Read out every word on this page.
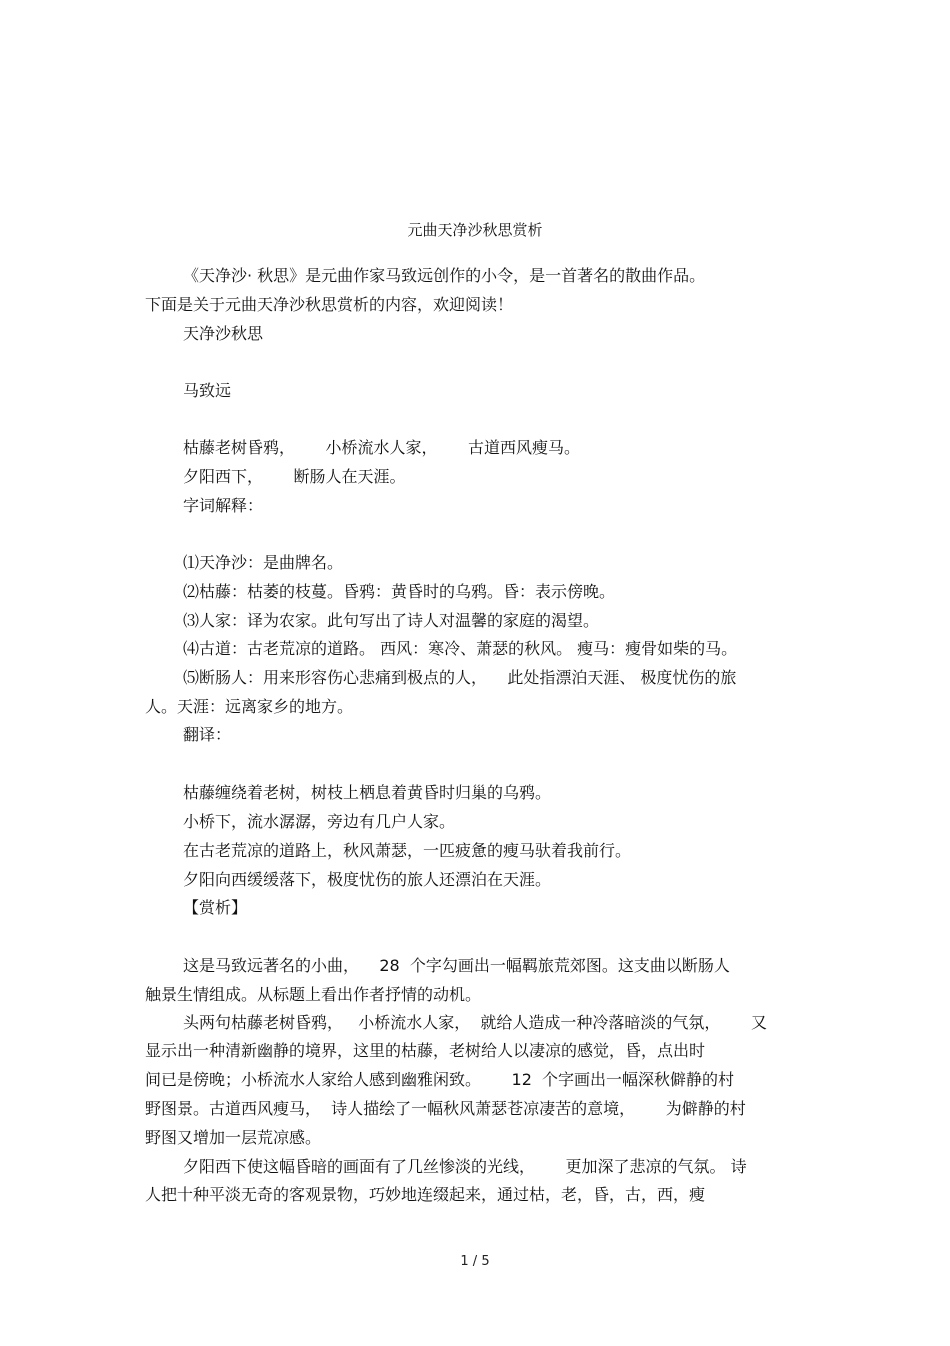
元曲天净沙秋思赏析
《天净沙· 秋思》是元曲作家马致远创作的小令，是一首著名的散曲作品。
下面是关于元曲天净沙秋思赏析的内容，欢迎阅读！
天净沙秋思
马致远
枯藤老树昏鸦，      小桥流水人家，      古道西风瘦马。
夕阳西下，      断肠人在天涯。
字词解释：
⑴天净沙：是曲牌名。
⑵枯藤：枯萎的枝蔓。昏鸦：黄昏时的乌鸦。昏：表示傍晚。
⑶人家：译为农家。此句写出了诗人对温馨的家庭的渴望。
⑷古道：古老荒凉的道路。 西风：寒冷、萧瑟的秋风。 瘦马：瘦骨如柴的马。
⑸断肠人：用来形容伤心悲痛到极点的人，    此处指漂泊天涯、 极度忧伤的旅
人。天涯：远离家乡的地方。
翻译：
枯藤缠绕着老树，树枝上栖息着黄昏时归巢的乌鸦。
小桥下，流水潺潺，旁边有几户人家。
在古老荒凉的道路上，秋风萧瑟，一匹疲惫的瘦马驮着我前行。
夕阳向西缓缓落下，极度忧伤的旅人还漂泊在天涯。
【赏析】
这是马致远著名的小曲，    28  个字勾画出一幅羁旅荒郊图。这支曲以断肠人
触景生情组成。从标题上看出作者抒情的动机。
头两句枯藤老树昏鸦，   小桥流水人家，  就给人造成一种冷落暗淡的气氛，      又
显示出一种清新幽静的境界，这里的枯藤，老树给人以凄凉的感觉，昏，点出时
间已是傍晚；小桥流水人家给人感到幽雅闲致。      12  个字画出一幅深秋僻静的村
野图景。古道西风瘦马，  诗人描绘了一幅秋风萧瑟苍凉凄苦的意境，      为僻静的村
野图又增加一层荒凉感。
夕阳西下使这幅昏暗的画面有了几丝惨淡的光线，      更加深了悲凉的气氛。 诗
人把十种平淡无奇的客观景物，巧妙地连缀起来，通过枯，老，昏，古，西，瘦
1 / 5
